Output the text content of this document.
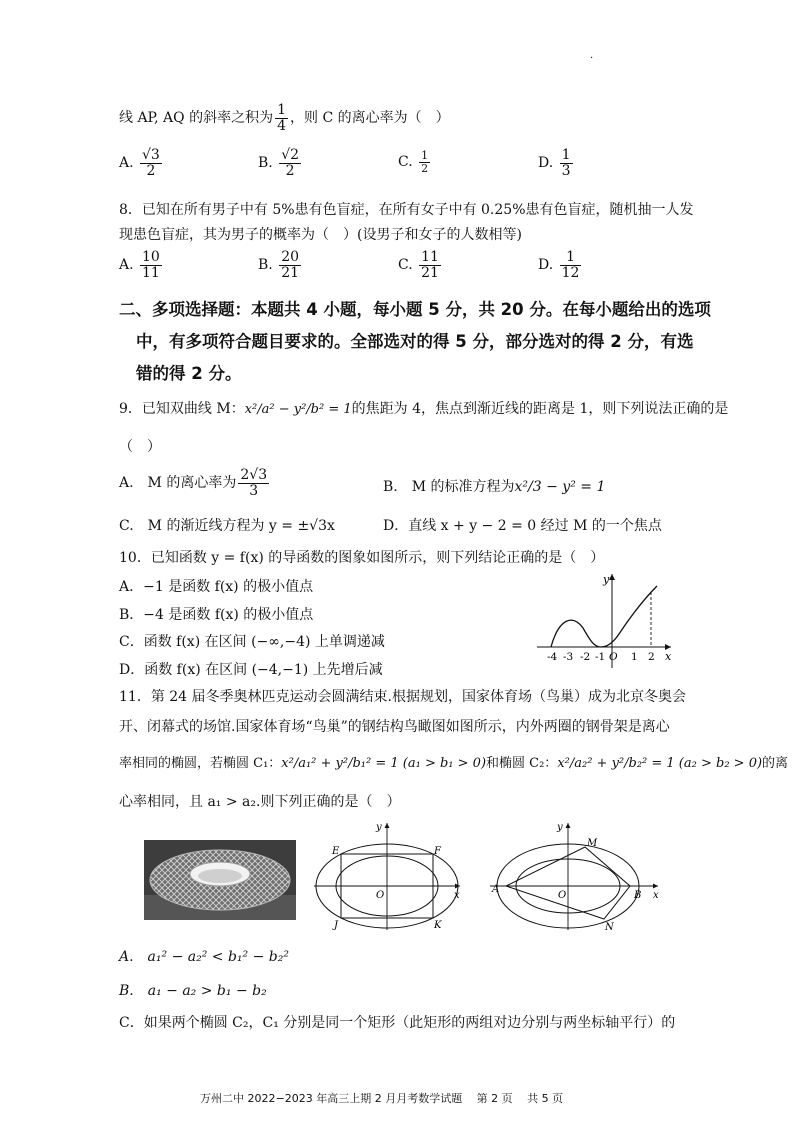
.
线 AP, AQ 的斜率之积为 $\frac{1}{4}$ ，则 C 的离心率为（　）
A. $\frac{√3}{2}$	B. $\frac{√2}{2}$	C. $\frac{1}{2}$	D. $\frac{1}{3}$
8．已知在所有男子中有 5%患有色盲症，在所有女子中有 0.25%患有色盲症，随机抽一人发
现患色盲症，其为男子的概率为（　）(设男子和女子的人数相等)
A. $\frac{10}{11}$	B. $\frac{20}{21}$	C. $\frac{11}{21}$	D. $\frac{1}{12}$
二、多项选择题：本题共 4 小题，每小题 5 分，共 20 分。在每小题给出的选项
中，有多项符合题目要求的。全部选对的得 5 分，部分选对的得 2 分，有选
错的得 2 分。
9．已知双曲线 M：x²/a² − y²/b² = 1的焦距为 4，焦点到渐近线的距离是 1，则下列说法正确的是
（　）
A.　M 的离心率为 $\frac{2√3}{3}$	B.　M 的标准方程为x²/3 − y² = 1
C.　M 的渐近线方程为 y = ±√3x	D．直线 x + y − 2 = 0 经过 M 的一个焦点
10．已知函数 y = f(x) 的导函数的图象如图所示，则下列结论正确的是（　）
A．−1 是函数 f(x) 的极小值点
B．−4 是函数 f(x) 的极小值点
C．函数 f(x) 在区间 (−∞,−4) 上单调递减
D．函数 f(x) 在区间 (−4,−1) 上先增后减
y
x
-4 -3 -2 -1 O 1 2
11．第 24 届冬季奥林匹克运动会圆满结束.根据规划，国家体育场（鸟巢）成为北京冬奥会
开、闭幕式的场馆.国家体育场“鸟巢”的钢结构鸟瞰图如图所示，内外两圈的钢骨架是离心
率相同的椭圆，若椭圆 C₁：x²/a₁² + y²/b₁² = 1 (a₁ > b₁ > 0)和椭圆 C₂：x²/a₂² + y²/b₂² = 1 (a₂ > b₂ > 0)的离
心率相同，且 a₁ > a₂.则下列正确的是（　）
y
x
O
E	F
J	K
y
x
O
M
N
A
B
A.　a₁² − a₂² < b₁² − b₂²
B.　a₁ − a₂ > b₁ − b₂
C．如果两个椭圆 C₂，C₁ 分别是同一个矩形（此矩形的两组对边分别与两坐标轴平行）的
万州二中 2022−2023 年高三上期 2 月月考数学试题　 第 2 页　 共 5 页
